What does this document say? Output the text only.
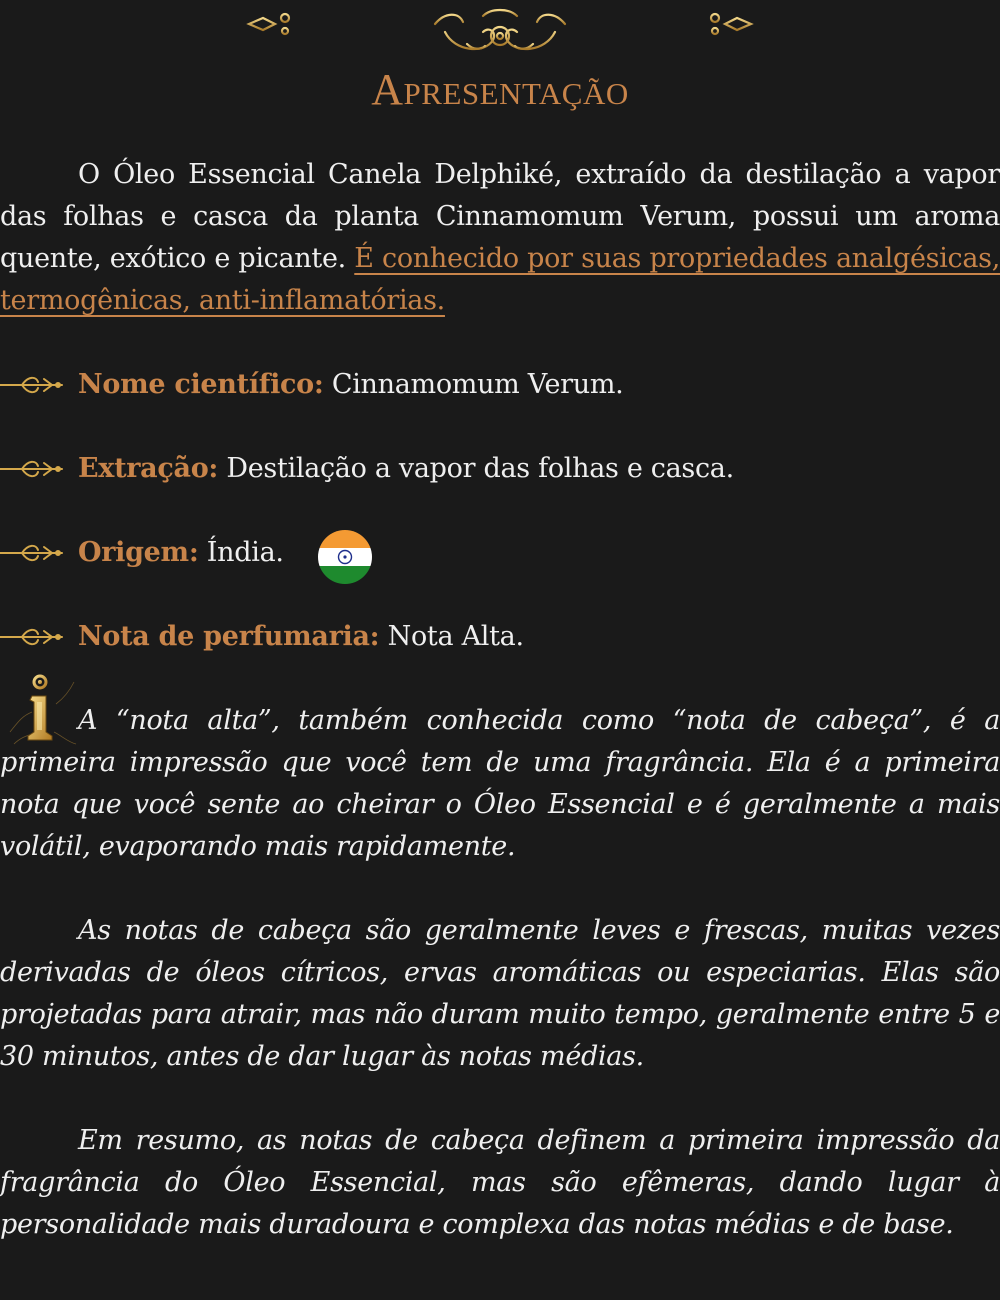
Apresentação

O Óleo Essencial Canela Delphiké, extraído da destilação a vapor das folhas e casca da planta Cinnamomum Verum, possui um aroma quente, exótico e picante. É conhecido por suas propriedades analgésicas, termogênicas, anti-inflamatórias.

Nome científico: Cinnamomum Verum.
Extração: Destilação a vapor das folhas e casca.
Origem: Índia.
Nota de perfumaria: Nota Alta.

A “nota alta”, também conhecida como “nota de cabeça”, é a primeira impressão que você tem de uma fragrância. Ela é a primeira nota que você sente ao cheirar o Óleo Essencial e é geralmente a mais volátil, evaporando mais rapidamente.

As notas de cabeça são geralmente leves e frescas, muitas vezes derivadas de óleos cítricos, ervas aromáticas ou especiarias. Elas são projetadas para atrair, mas não duram muito tempo, geralmente entre 5 e 30 minutos, antes de dar lugar às notas médias.

Em resumo, as notas de cabeça definem a primeira impressão da fragrância do Óleo Essencial, mas são efêmeras, dando lugar à personalidade mais duradoura e complexa das notas médias e de base.
